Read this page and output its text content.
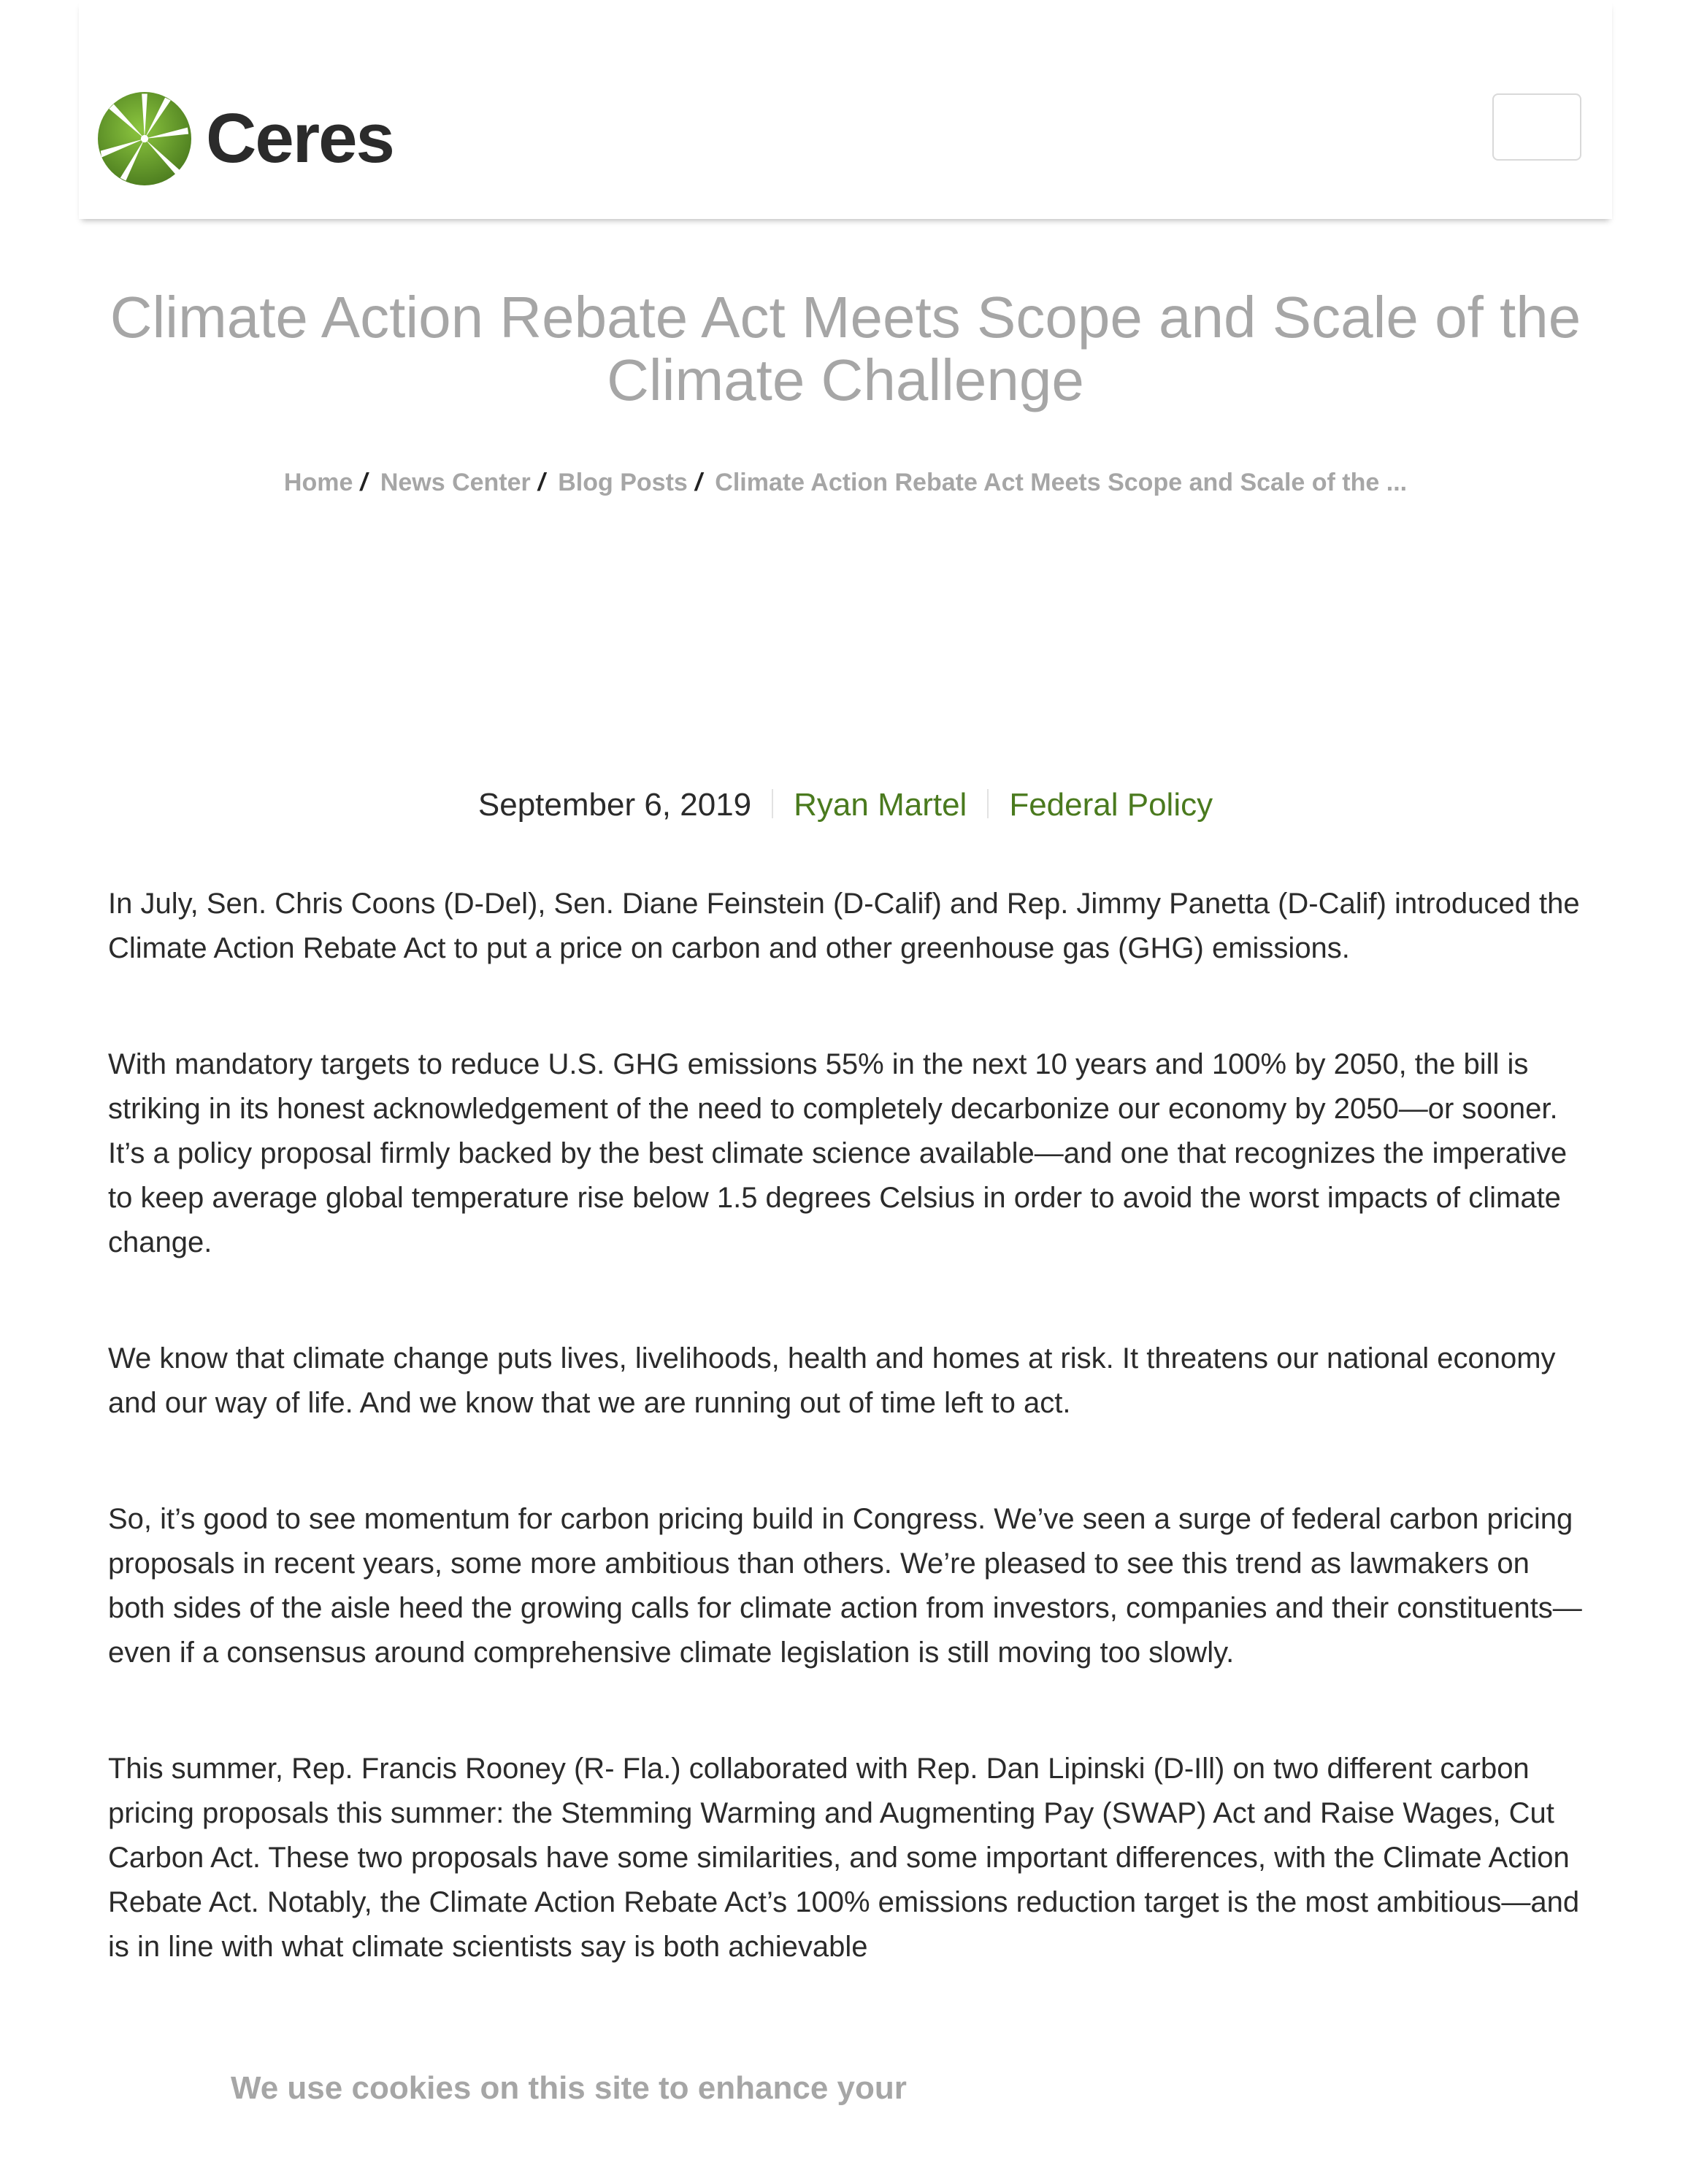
Ceres
Climate Action Rebate Act Meets Scope and Scale of the
Climate Challenge
Home / News Center / Blog Posts / Climate Action Rebate Act Meets Scope and Scale of the ...
September 6, 2019 Ryan Martel Federal Policy

In July, Sen. Chris Coons (D-Del), Sen. Diane Feinstein (D-Calif) and Rep. Jimmy Panetta (D-Calif) introduced the Climate Action Rebate Act to put a price on carbon and other greenhouse gas (GHG) emissions.

With mandatory targets to reduce U.S. GHG emissions 55% in the next 10 years and 100% by 2050, the bill is striking in its honest acknowledgement of the need to completely decarbonize our economy by 2050—or sooner. It’s a policy proposal firmly backed by the best climate science available—and one that recognizes the imperative to keep average global temperature rise below 1.5 degrees Celsius in order to avoid the worst impacts of climate change.

We know that climate change puts lives, livelihoods, health and homes at risk. It threatens our national economy and our way of life. And we know that we are running out of time left to act.

So, it’s good to see momentum for carbon pricing build in Congress. We’ve seen a surge of federal carbon pricing proposals in recent years, some more ambitious than others. We’re pleased to see this trend as lawmakers on both sides of the aisle heed the growing calls for climate action from investors, companies and their constituents—even if a consensus around comprehensive climate legislation is still moving too slowly.

This summer, Rep. Francis Rooney (R- Fla.) collaborated with Rep. Dan Lipinski (D-Ill) on two different carbon pricing proposals this summer: the Stemming Warming and Augmenting Pay (SWAP) Act and Raise Wages, Cut Carbon Act. These two proposals have some similarities, and some important differences, with the Climate Action Rebate Act. Notably, the Climate Action Rebate Act’s 100% emissions reduction target is the most ambitious—and is in line with what climate scientists say is both achievable

We use cookies on this site to enhance your
